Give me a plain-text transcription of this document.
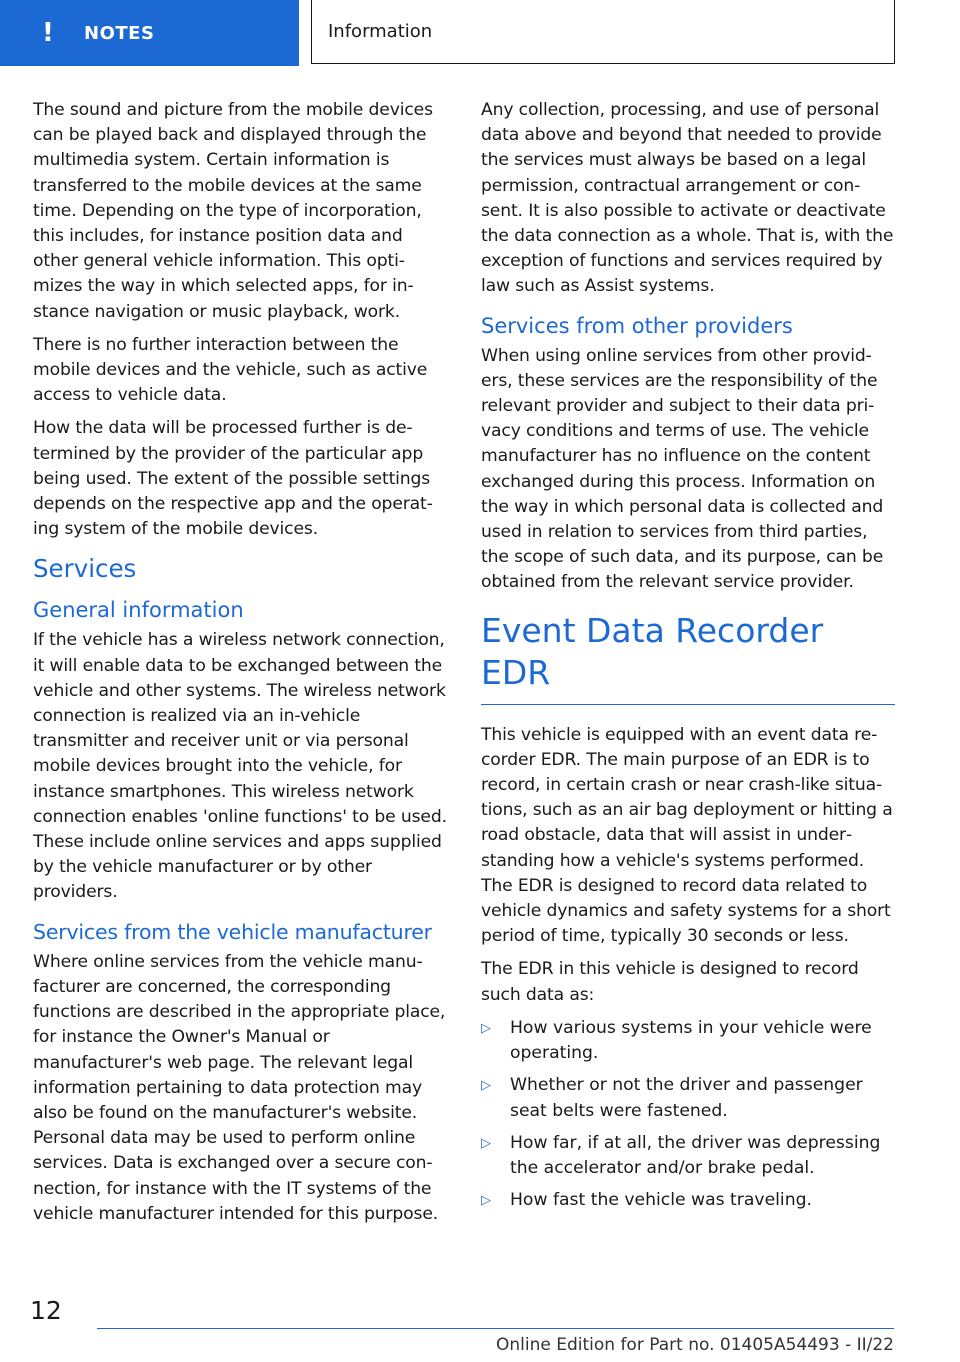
!	NOTES	Information

The sound and picture from the mobile devices can be played back and displayed through the multimedia system. Certain information is transferred to the mobile devices at the same time. Depending on the type of incorporation, this includes, for instance position data and other general vehicle information. This optimizes the way in which selected apps, for instance navigation or music playback, work.

There is no further interaction between the mobile devices and the vehicle, such as active access to vehicle data.

How the data will be processed further is determined by the provider of the particular app being used. The extent of the possible settings depends on the respective app and the operating system of the mobile devices.

Services
General information

If the vehicle has a wireless network connection, it will enable data to be exchanged between the vehicle and other systems. The wireless network connection is realized via an in-vehicle transmitter and receiver unit or via personal mobile devices brought into the vehicle, for instance smartphones. This wireless network connection enables 'online functions' to be used. These include online services and apps supplied by the vehicle manufacturer or by other providers.

Services from the vehicle manufacturer

Where online services from the vehicle manufacturer are concerned, the corresponding functions are described in the appropriate place, for instance the Owner's Manual or manufacturer's web page. The relevant legal information pertaining to data protection may also be found on the manufacturer's website. Personal data may be used to perform online services. Data is exchanged over a secure connection, for instance with the IT systems of the vehicle manufacturer intended for this purpose.

Any collection, processing, and use of personal data above and beyond that needed to provide the services must always be based on a legal permission, contractual arrangement or consent. It is also possible to activate or deactivate the data connection as a whole. That is, with the exception of functions and services required by law such as Assist systems.

Services from other providers

When using online services from other providers, these services are the responsibility of the relevant provider and subject to their data privacy conditions and terms of use. The vehicle manufacturer has no influence on the content exchanged during this process. Information on the way in which personal data is collected and used in relation to services from third parties, the scope of such data, and its purpose, can be obtained from the relevant service provider.

Event Data Recorder EDR

This vehicle is equipped with an event data recorder EDR. The main purpose of an EDR is to record, in certain crash or near crash-like situations, such as an air bag deployment or hitting a road obstacle, data that will assist in understanding how a vehicle's systems performed. The EDR is designed to record data related to vehicle dynamics and safety systems for a short period of time, typically 30 seconds or less.

The EDR in this vehicle is designed to record such data as:

▷	How various systems in your vehicle were operating.
▷	Whether or not the driver and passenger seat belts were fastened.
▷	How far, if at all, the driver was depressing the accelerator and/or brake pedal.
▷	How fast the vehicle was traveling.
12
Online Edition for Part no. 01405A54493 - II/22
